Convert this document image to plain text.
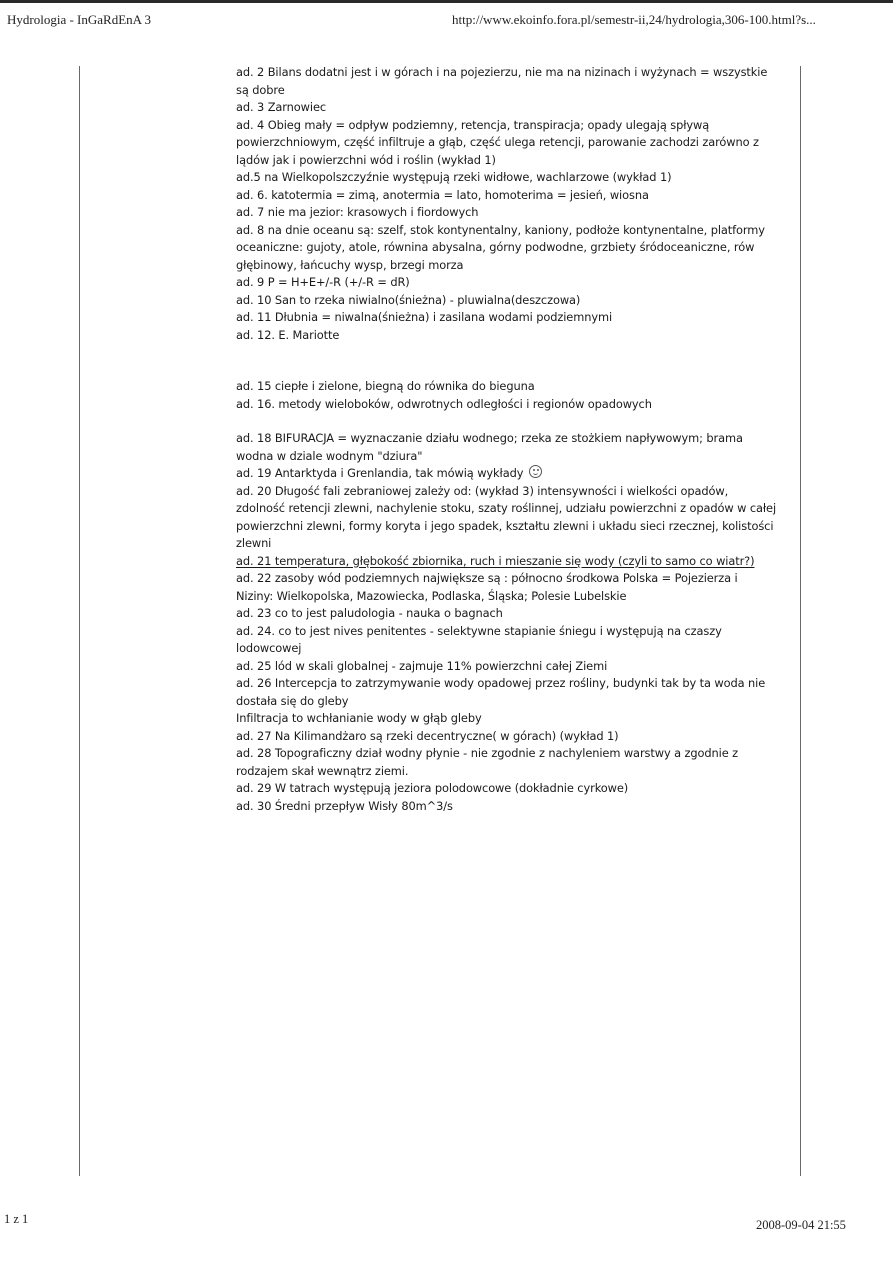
Hydrologia - InGaRdEnA 3	http://www.ekoinfo.fora.pl/semestr-ii,24/hydrologia,306-100.html?s...

ad. 2 Bilans dodatni jest i w górach i na pojezierzu, nie ma na nizinach i wyżynach = wszystkie

są dobre

ad. 3 Zarnowiec

ad. 4 Obieg mały = odpływ podziemny, retencja, transpiracja; opady ulegają spływą

powierzchniowym, część infiltruje a głąb, część ulega retencji, parowanie zachodzi zarówno z

lądów jak i powierzchni wód i roślin (wykład 1)

ad.5 na Wielkopolszczyźnie występują rzeki widłowe, wachlarzowe (wykład 1)

ad. 6. katotermia = zimą, anotermia = lato, homoterima = jesień, wiosna

ad. 7 nie ma jezior: krasowych i fiordowych

ad. 8 na dnie oceanu są: szelf, stok kontynentalny, kaniony, podłoże kontynentalne, platformy

oceaniczne: gujoty, atole, równina abysalna, górny podwodne, grzbiety śródoceaniczne, rów

głębinowy, łańcuchy wysp, brzegi morza

ad. 9 P = H+E+/-R (+/-R = dR)

ad. 10 San to rzeka niwialno(śnieżna) - pluwialna(deszczowa)

ad. 11 Dłubnia = niwalna(śnieżna) i zasilana wodami podziemnymi

ad. 12. E. Mariotte

ad. 15 ciepłe i zielone, biegną do równika do bieguna

ad. 16. metody wieloboków, odwrotnych odległości i regionów opadowych

ad. 18 BIFURACJA = wyznaczanie działu wodnego; rzeka ze stożkiem napływowym; brama

wodna w dziale wodnym "dziura"

ad. 19 Antarktyda i Grenlandia, tak mówią wykłady

ad. 20 Długość fali zebraniowej zależy od: (wykład 3) intensywności i wielkości opadów,

zdolność retencji zlewni, nachylenie stoku, szaty roślinnej, udziału powierzchni z opadów w całej

powierzchni zlewni, formy koryta i jego spadek, kształtu zlewni i układu sieci rzecznej, kolistości

zlewni

ad. 21 temperatura, głębokość zbiornika, ruch i mieszanie się wody (czyli to samo co wiatr?)

ad. 22 zasoby wód podziemnych największe są : północno środkowa Polska = Pojezierza i

Niziny: Wielkopolska, Mazowiecka, Podlaska, Śląska; Polesie Lubelskie

ad. 23 co to jest paludologia - nauka o bagnach

ad. 24. co to jest nives penitentes - selektywne stapianie śniegu i występują na czaszy

lodowcowej

ad. 25 lód w skali globalnej - zajmuje 11% powierzchni całej Ziemi

ad. 26 Intercepcja to zatrzymywanie wody opadowej przez rośliny, budynki tak by ta woda nie

dostała się do gleby

Infiltracja to wchłanianie wody w głąb gleby

ad. 27 Na Kilimandżaro są rzeki decentryczne( w górach) (wykład 1)

ad. 28 Topograficzny dział wodny płynie - nie zgodnie z nachyleniem warstwy a zgodnie z

rodzajem skał wewnątrz ziemi.

ad. 29 W tatrach występują jeziora polodowcowe (dokładnie cyrkowe)

ad. 30 Średni przepływ Wisły 80m^3/s

1 z 1	2008-09-04 21:55
